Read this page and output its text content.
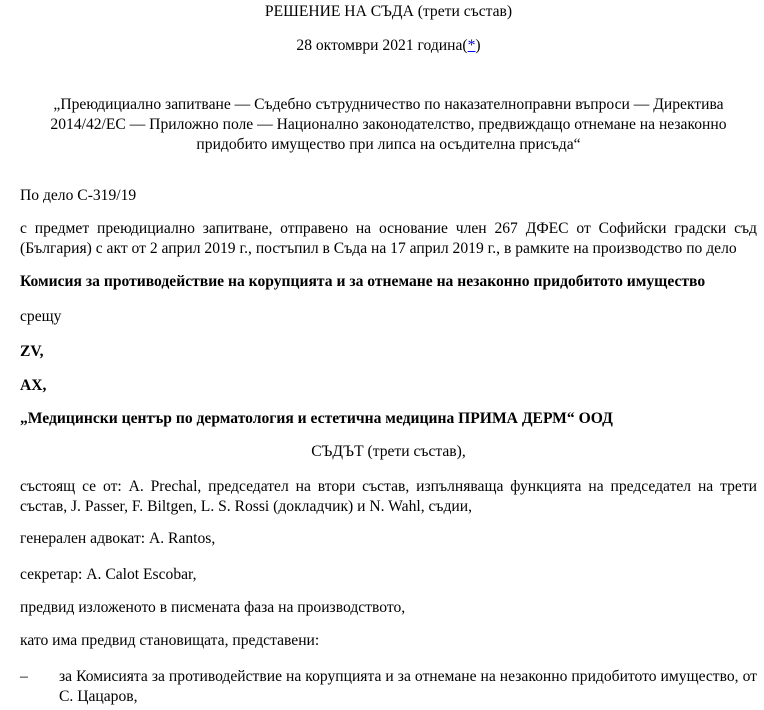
РЕШЕНИЕ НА СЪДА (трети състав)

28 октомври 2021 година(*)

„Преюдициално запитване — Съдебно сътрудничество по наказателноправни въпроси — Директива 2014/42/ЕС — Приложно поле — Национално законодателство, предвиждащо отнемане на незаконно придобито имущество при липса на осъдителна присъда“

По дело C‑319/19

с предмет преюдициално запитване, отправено на основание член 267 ДФЕС от Софийски градски съд (България) с акт от 2 април 2019 г., постъпил в Съда на 17 април 2019 г., в рамките на производство по дело

Комисия за противодействие на корупцията и за отнемане на незаконно придобитото имущество

срещу

ZV,

AX,

„Медицински център по дерматология и естетична медицина ПРИМА ДЕРМ“ ООД

СЪДЪТ (трети състав),

състоящ се от: A. Prechal, председател на втори състав, изпълняваща функцията на председател на трети състав, J. Passer, F. Biltgen, L. S. Rossi (докладчик) и N. Wahl, съдии,

генерален адвокат: A. Rantos,

секретар: A. Calot Escobar,

предвид изложеното в писмената фаза на производството,

като има предвид становищата, представени:

–	за Комисията за противодействие на корупцията и за отнемане на незаконно придобитото имущество, от С. Цацаров,
